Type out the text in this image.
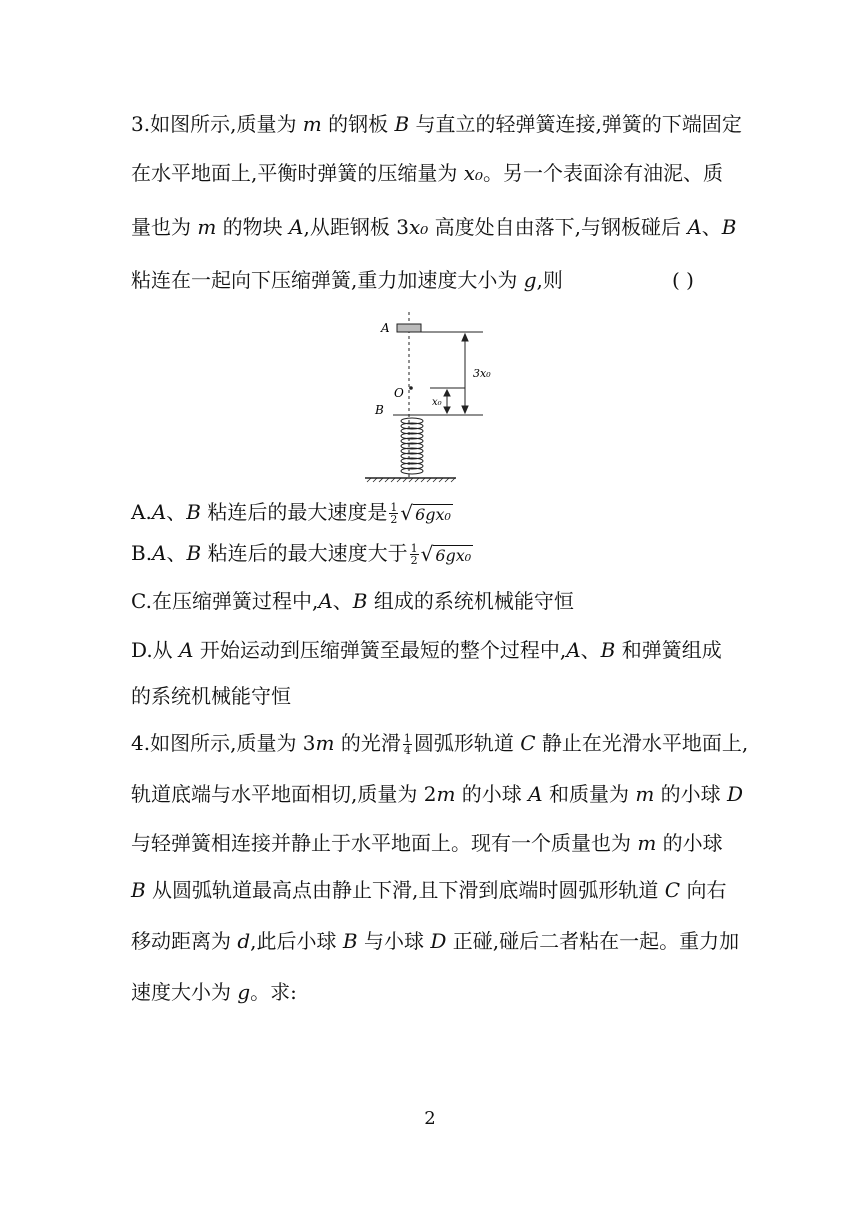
3.如图所示,质量为 m 的钢板 B 与直立的轻弹簧连接,弹簧的下端固定
在水平地面上,平衡时弹簧的压缩量为 x₀。另一个表面涂有油泥、质
量也为 m 的物块 A,从距钢板 3x₀ 高度处自由落下,与钢板碰后 A、B
粘连在一起向下压缩弹簧,重力加速度大小为 g,则	( )
A
O
B
3x₀
x₀
A.A、B 粘连后的最大速度是 $\frac{1}{2}$ √ 6gx₀
B.A、B 粘连后的最大速度大于 $\frac{1}{2}$ √ 6gx₀
C.在压缩弹簧过程中,A、B 组成的系统机械能守恒
D.从 A 开始运动到压缩弹簧至最短的整个过程中,A、B 和弹簧组成
的系统机械能守恒
4.如图所示,质量为 3m 的光滑 $\frac{1}{4}$ 圆弧形轨道 C 静止在光滑水平地面上,
轨道底端与水平地面相切,质量为 2m 的小球 A 和质量为 m 的小球 D
与轻弹簧相连接并静止于水平地面上。现有一个质量也为 m 的小球
B 从圆弧轨道最高点由静止下滑,且下滑到底端时圆弧形轨道 C 向右
移动距离为 d,此后小球 B 与小球 D 正碰,碰后二者粘在一起。重力加
速度大小为 g。求:
2
